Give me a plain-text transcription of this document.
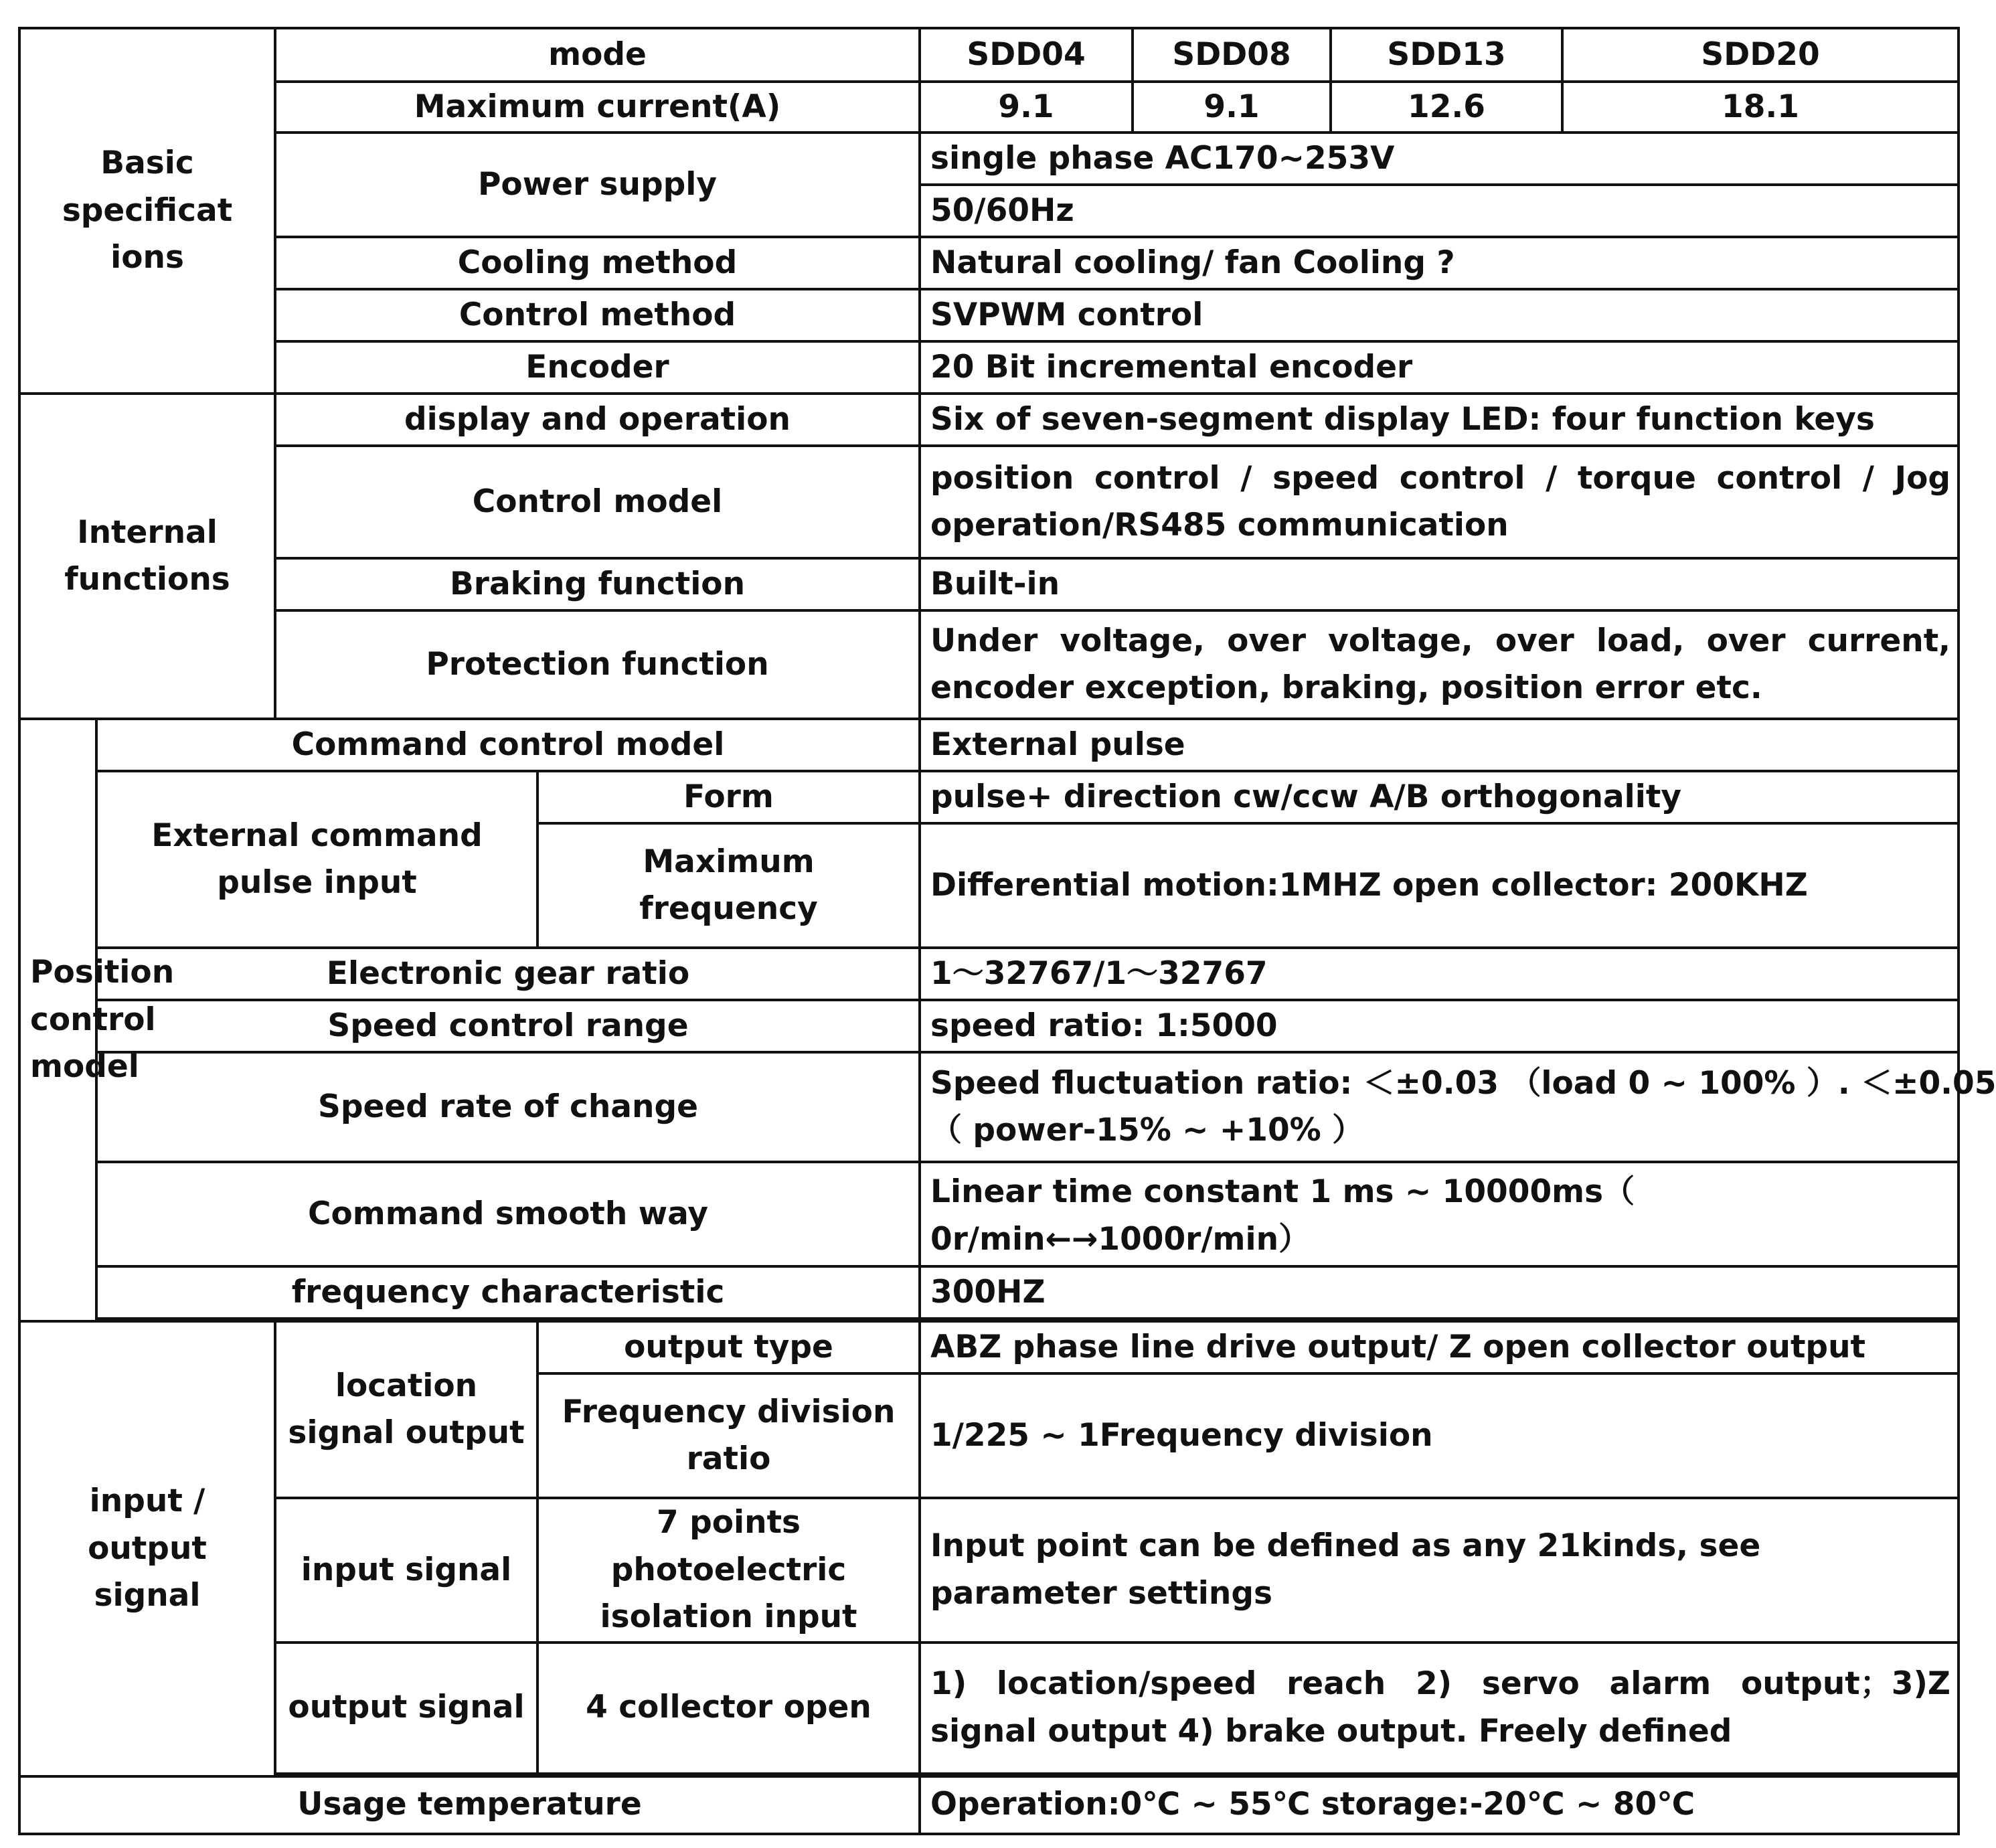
Basic specificat ions		mode		SDD04	SDD08	SDD13	SDD20	
		Maximum current(A)		9.1	9.1	12.6	18.1	
		Power supply		single phase AC170~253V				
				50/60Hz				
		Cooling method		Natural cooling/ fan Cooling ?				
		Control method		SVPWM control				
		Encoder		20 Bit incremental encoder				
Internal functions		display and operation		Six of seven-segment display LED: four function keys				
		Control model		position control / speed control / torque control / Jog operation/RS485 communication				
		Braking function		Built-in				
		Protection function		Under voltage, over voltage, over load, over current, encoder exception, braking, position error etc.				
Position control model	Command control model			External pulse				
	External command pulse input		Form	pulse+ direction cw/ccw A/B orthogonality				
			Maximum frequency	Differential motion:1MHZ open collector: 200KHZ				
	Electronic gear ratio			1～32767/1～32767				
	Speed control range			speed ratio: 1:5000				
	Speed rate of change			Speed fluctuation ratio: ＜±0.03 （load 0 ~ 100% ）. ＜±0.05
（ power-15% ~ +10% ）				

	Command smooth way			Linear time constant 1 ms ~ 10000ms（ 0r/min←→1000r/min）				
	frequency characteristic			300HZ				

input / output signal		location signal output	output type	ABZ phase line drive output/ Z open collector output				
			Frequency division ratio	1/225 ~ 1Frequency division				
		input signal	7 points photoelectric isolation input	Input point can be defined as any 21kinds, see parameter settings				
		output signal	4 collector open	1) location/speed reach 2) servo alarm output；3)Z signal output 4) brake output. Freely defined				

Usage temperature				Operation:0℃ ~ 55℃ storage:-20℃ ~ 80℃				
